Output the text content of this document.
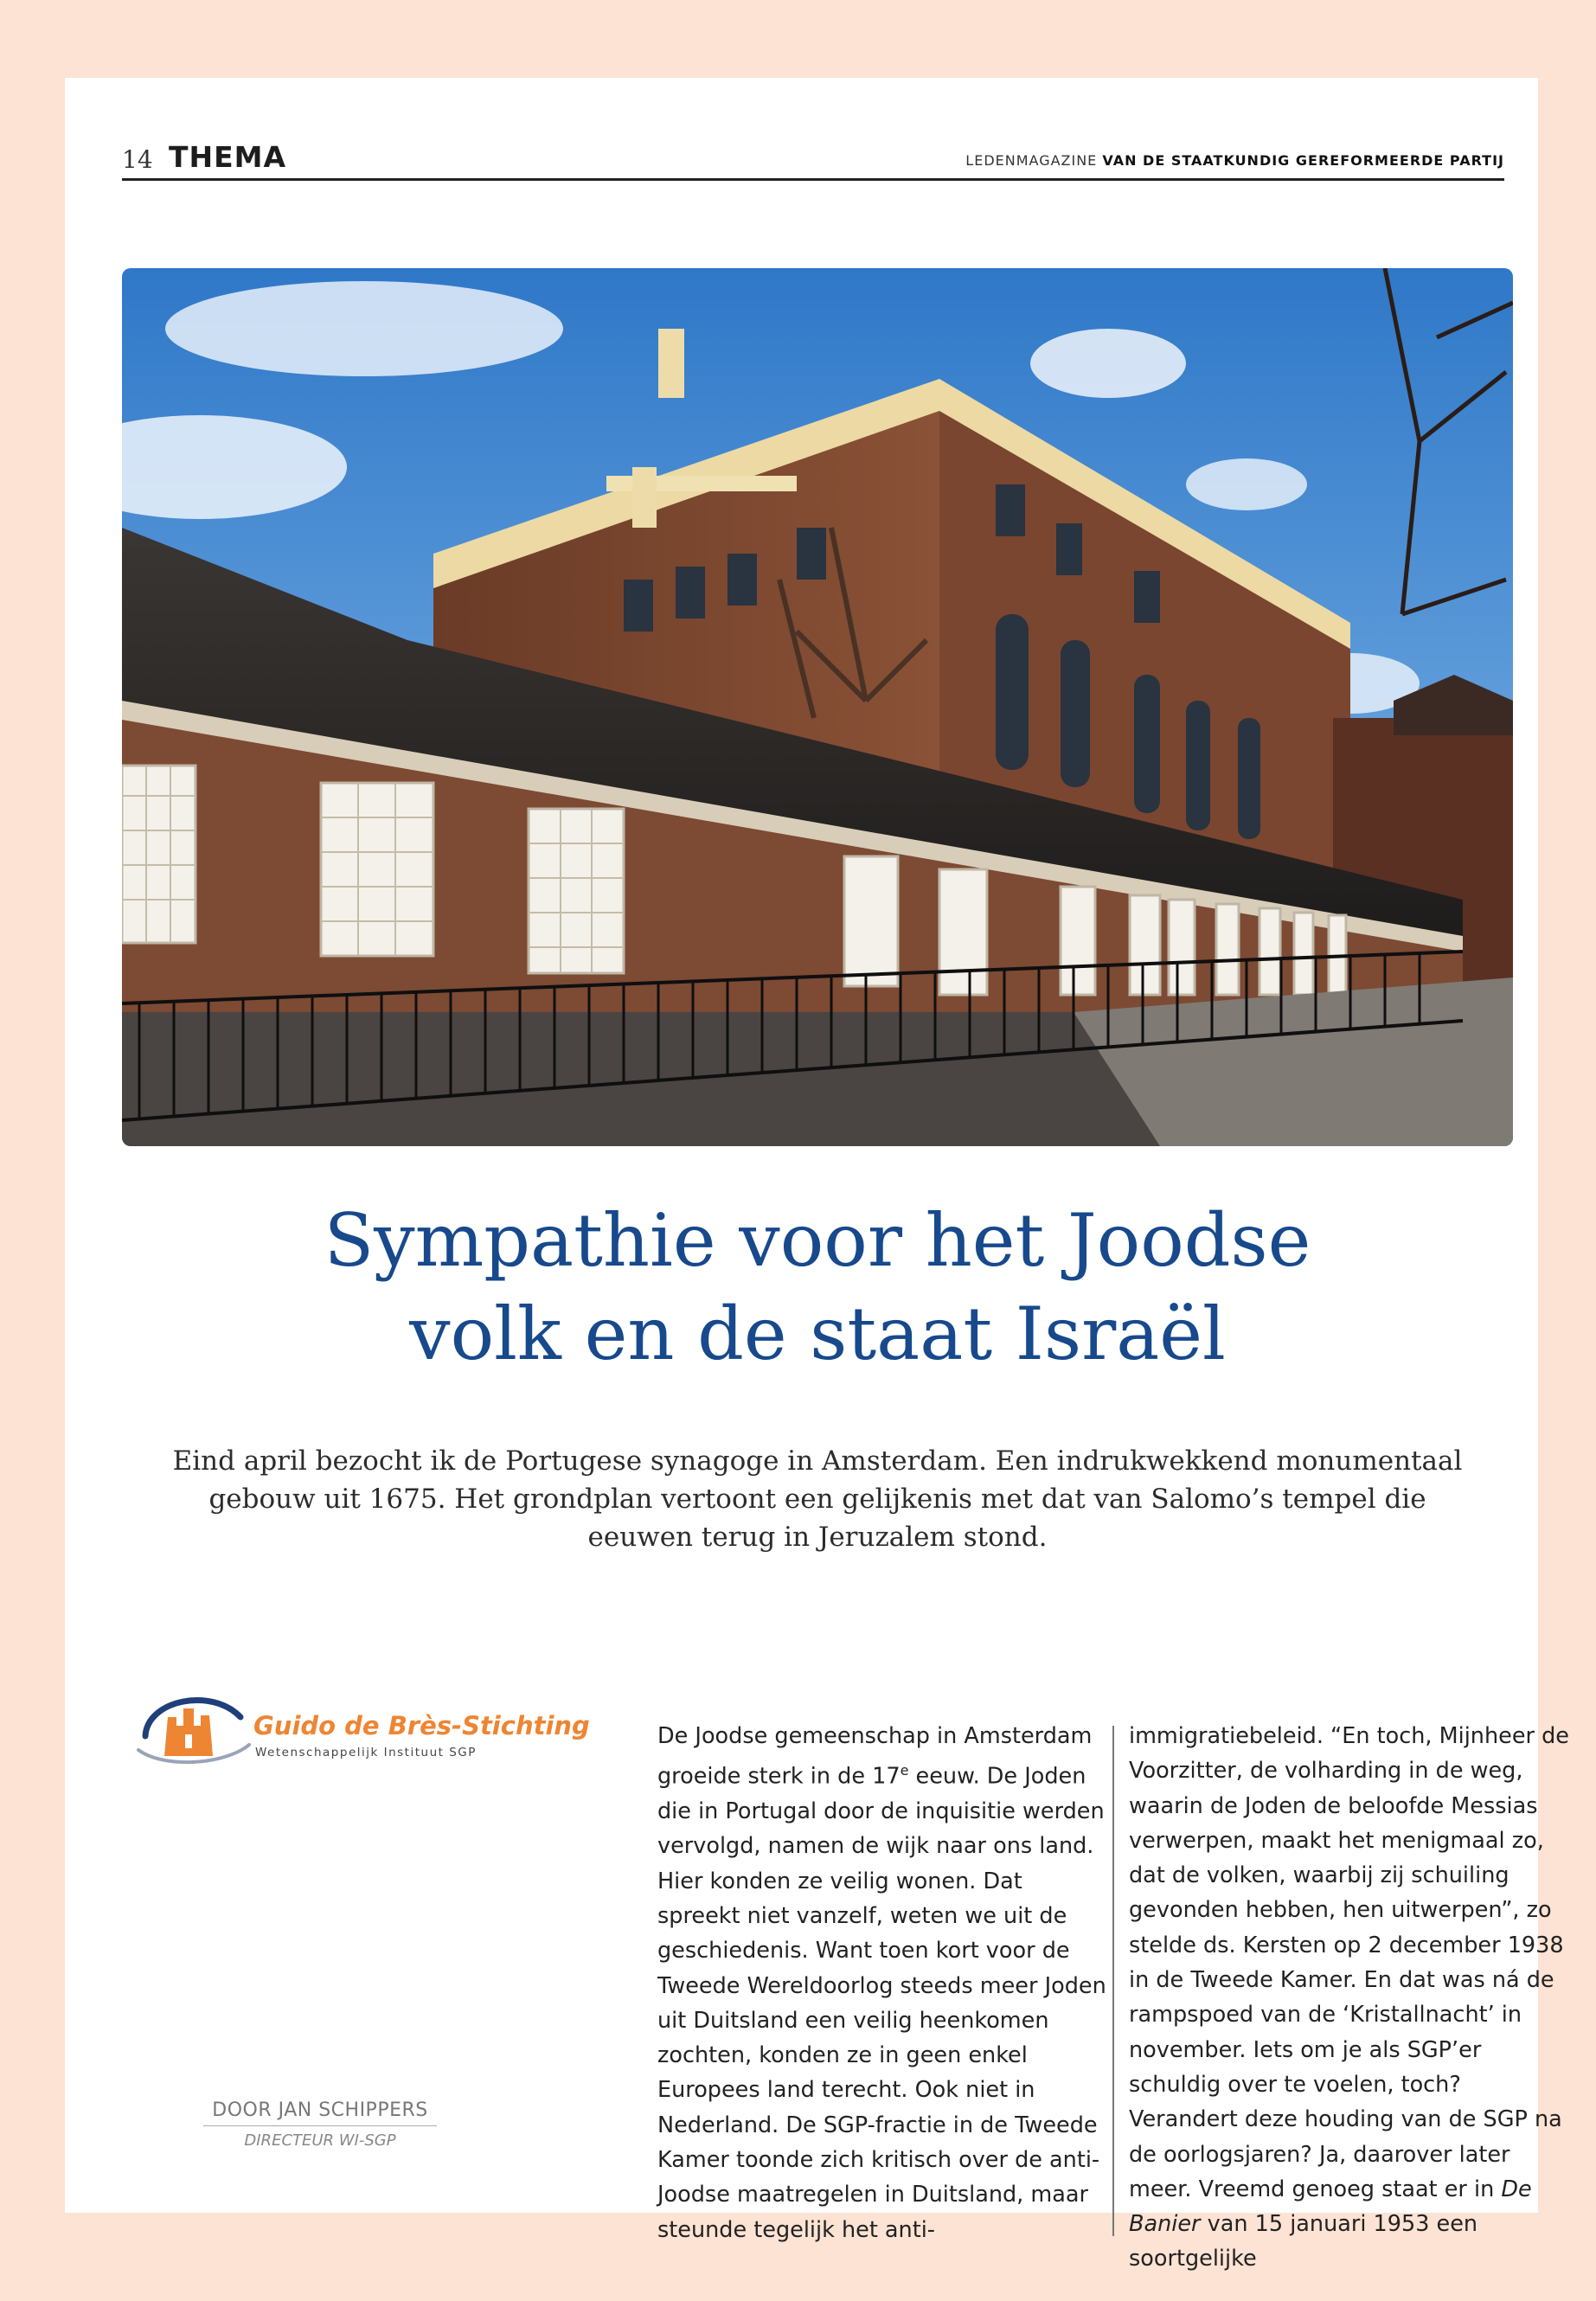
14 THEMA	LEDENMAGAZINE VAN DE STAATKUNDIG GEREFORMEERDE PARTIJ
Sympathie voor het Joodse
volk en de staat Israël
Eind april bezocht ik de Portugese synagoge in Amsterdam. Een indrukwekkend monumentaal gebouw uit 1675. Het grondplan vertoont een gelijkenis met dat van Salomo’s tempel die eeuwen terug in Jeruzalem stond.
Guido de Brès-Stichting
Wetenschappelijk Instituut SGP
DOOR JAN SCHIPPERS
DIRECTEUR WI-SGP
De Joodse gemeenschap in Amsterdam groeide sterk in de 17e eeuw. De Joden die in Portugal door de inquisitie werden vervolgd, namen de wijk naar ons land. Hier konden ze veilig wonen. Dat spreekt niet vanzelf, weten we uit de geschiedenis. Want toen kort voor de Tweede Wereldoorlog steeds meer Joden uit Duitsland een veilig heenkomen zochten, konden ze in geen enkel Europees land terecht. Ook niet in Nederland. De SGP-fractie in de Tweede Kamer toonde zich kritisch over de anti-Joodse maatregelen in Duitsland, maar steunde tegelijk het anti-
immigratiebeleid. “En toch, Mijnheer de Voorzitter, de volharding in de weg, waarin de Joden de beloofde Messias verwerpen, maakt het menigmaal zo, dat de volken, waarbij zij schuiling gevonden hebben, hen uitwerpen”, zo stelde ds. Kersten op 2 december 1938 in de Tweede Kamer. En dat was ná de rampspoed van de ‘Kristallnacht’ in november. Iets om je als SGP’er schuldig over te voelen, toch?
Verandert deze houding van de SGP na de oorlogsjaren? Ja, daarover later meer. Vreemd genoeg staat er in De Banier van 15 januari 1953 een soortgelijke
